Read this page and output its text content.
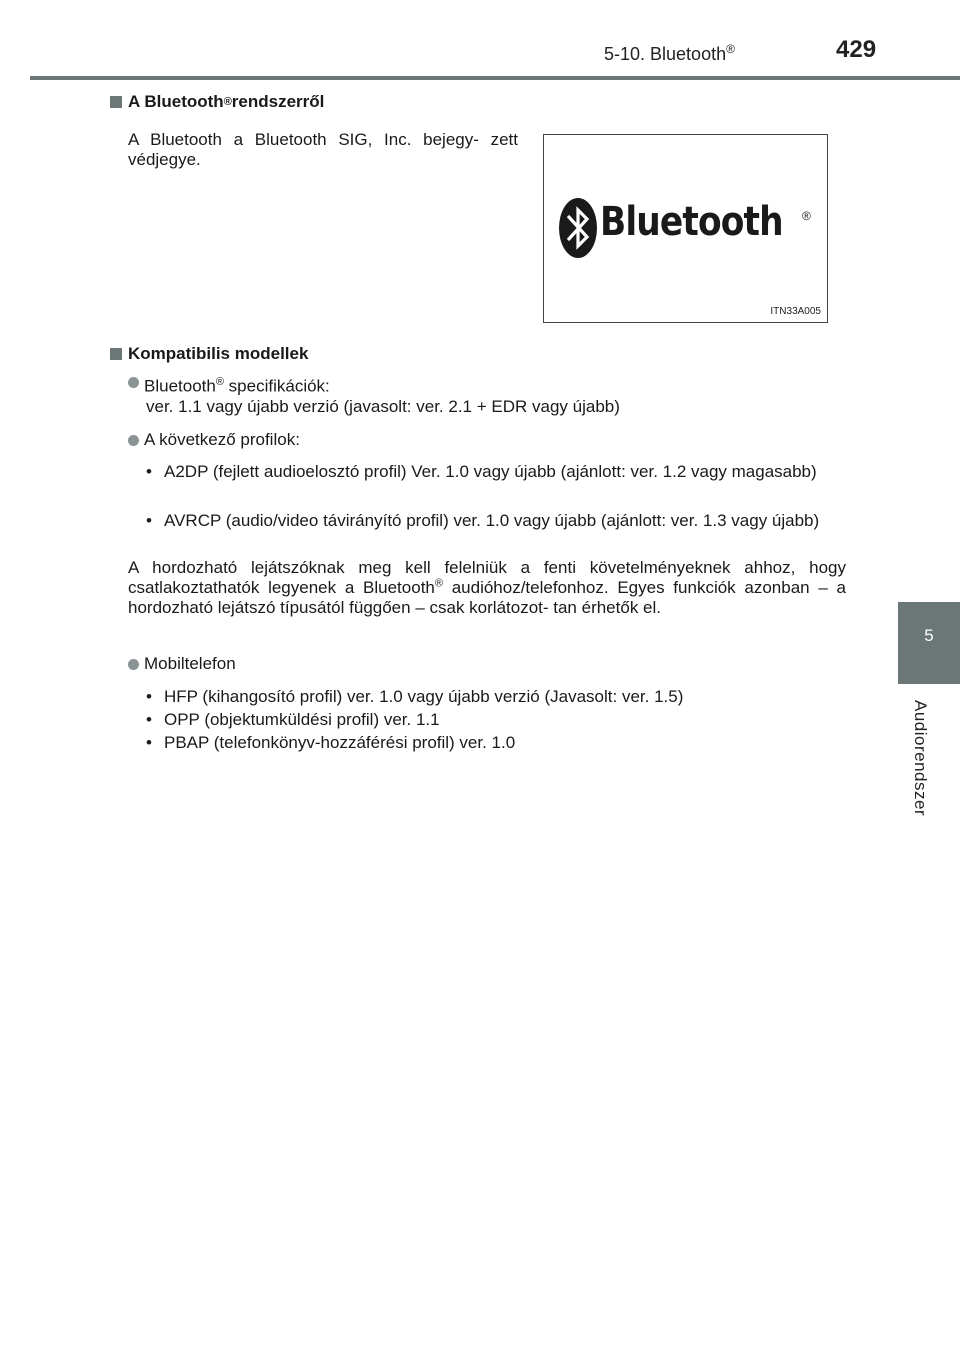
5-10. Bluetooth®	429
5
Audiorendszer
A Bluetooth ® rendszerről
A Bluetooth a Bluetooth SIG, Inc. bejegy- zett védjegye.
Bluetooth ®
ITN33A005
Kompatibilis modellek
Bluetooth® specifikációk:
ver. 1.1 vagy újabb verzió (javasolt: ver. 2.1 + EDR vagy újabb)
A következő profilok:
• A2DP (fejlett audioelosztó profil) Ver. 1.0 vagy újabb (ajánlott: ver. 1.2 vagy magasabb)
• AVRCP (audio/video távirányító profil) ver. 1.0 vagy újabb (ajánlott: ver. 1.3 vagy újabb)
A hordozható lejátszóknak meg kell felelniük a fenti követelményeknek ahhoz, hogy csatlakoztathatók legyenek a Bluetooth® audióhoz/telefonhoz. Egyes funkciók azonban – a hordozható lejátszó típusától függően – csak korlátozot- tan érhetők el.
Mobiltelefon
• HFP (kihangosító profil) ver. 1.0 vagy újabb verzió (Javasolt: ver. 1.5)
• OPP (objektumküldési profil) ver. 1.1
• PBAP (telefonkönyv-hozzáférési profil) ver. 1.0
